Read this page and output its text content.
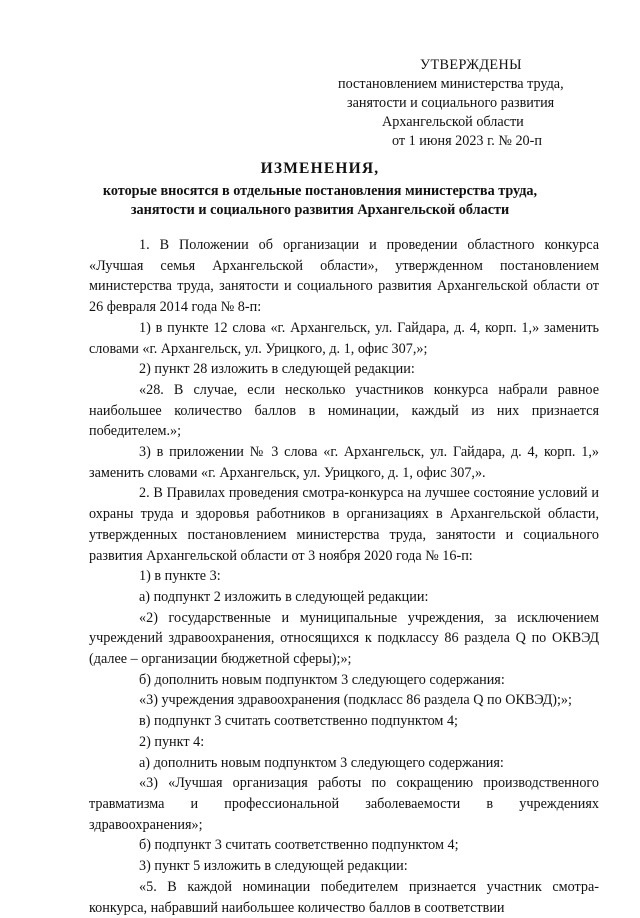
УТВЕРЖДЕНЫ
постановлением министерства труда,
занятости и социального развития
Архангельской области
от 1 июня 2023 г. № 20-п
ИЗМЕНЕНИЯ,
которые вносятся в отдельные постановления министерства труда, занятости и социального развития Архангельской области

1. В Положении об организации и проведении областного конкурса «Лучшая семья Архангельской области», утвержденном постановлением министерства труда, занятости и социального развития Архангельской области от 26 февраля 2014 года № 8-п:

1) в пункте 12 слова «г. Архангельск, ул. Гайдара, д. 4, корп. 1,» заменить словами «г. Архангельск, ул. Урицкого, д. 1, офис 307,»;

2) пункт 28 изложить в следующей редакции:

«28. В случае, если несколько участников конкурса набрали равное наибольшее количество баллов в номинации, каждый из них признается победителем.»;

3) в приложении № 3 слова «г. Архангельск, ул. Гайдара, д. 4, корп. 1,» заменить словами «г. Архангельск, ул. Урицкого, д. 1, офис 307,».

2. В Правилах проведения смотра-конкурса на лучшее состояние условий и охраны труда и здоровья работников в организациях в Архангельской области, утвержденных постановлением министерства труда, занятости и социального развития Архангельской области от 3 ноября 2020 года № 16-п:

1) в пункте 3:

а) подпункт 2 изложить в следующей редакции:

«2) государственные и муниципальные учреждения, за исключением учреждений здравоохранения, относящихся к подклассу 86 раздела Q по ОКВЭД (далее – организации бюджетной сферы);»;

б) дополнить новым подпунктом 3 следующего содержания:

«3) учреждения здравоохранения (подкласс 86 раздела Q по ОКВЭД);»;

в) подпункт 3 считать соответственно подпунктом 4;

2) пункт 4:

а) дополнить новым подпунктом 3 следующего содержания:

«3) «Лучшая организация работы по сокращению производственного травматизма и профессиональной заболеваемости в учреждениях здравоохранения»;

б) подпункт 3 считать соответственно подпунктом 4;

3) пункт 5 изложить в следующей редакции:

«5. В каждой номинации победителем признается участник смотра-конкурса, набравший наибольшее количество баллов в соответствии
